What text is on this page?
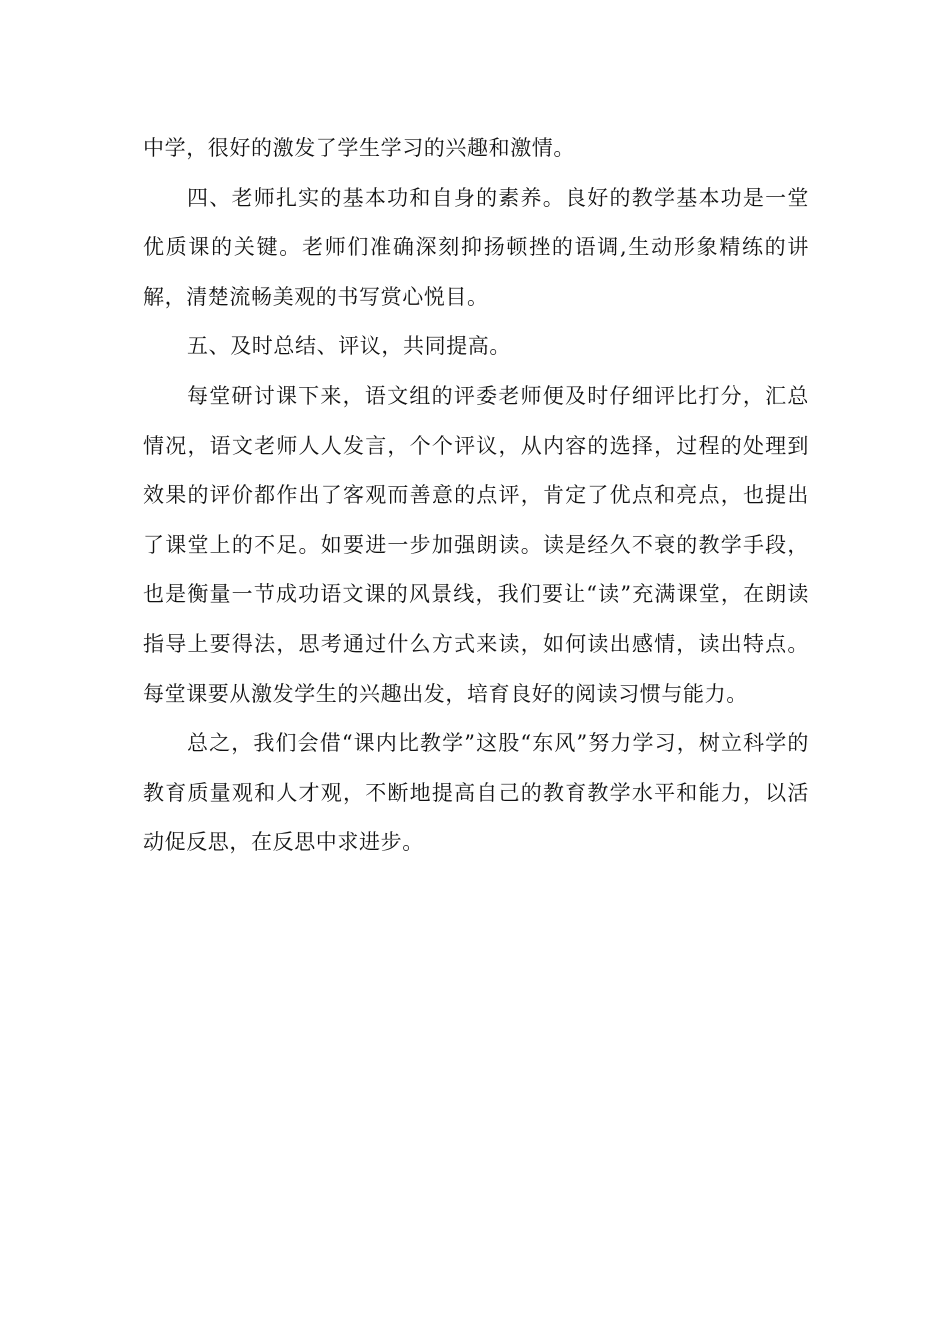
中学，很好的激发了学生学习的兴趣和激情。

四、老师扎实的基本功和自身的素养。良好的教学基本功是一堂优质课的关键。老师们准确深刻抑扬顿挫的语调,生动形象精练的讲解，清楚流畅美观的书写赏心悦目。

五、及时总结、评议，共同提高。

每堂研讨课下来，语文组的评委老师便及时仔细评比打分，汇总情况，语文老师人人发言，个个评议，从内容的选择，过程的处理到效果的评价都作出了客观而善意的点评，肯定了优点和亮点，也提出了课堂上的不足。如要进一步加强朗读。读是经久不衰的教学手段，也是衡量一节成功语文课的风景线，我们要让“读”充满课堂，在朗读指导上要得法，思考通过什么方式来读，如何读出感情，读出特点。每堂课要从激发学生的兴趣出发，培育良好的阅读习惯与能力。

总之，我们会借“课内比教学”这股“东风”努力学习，树立科学的教育质量观和人才观，不断地提高自己的教育教学水平和能力，以活动促反思，在反思中求进步。
